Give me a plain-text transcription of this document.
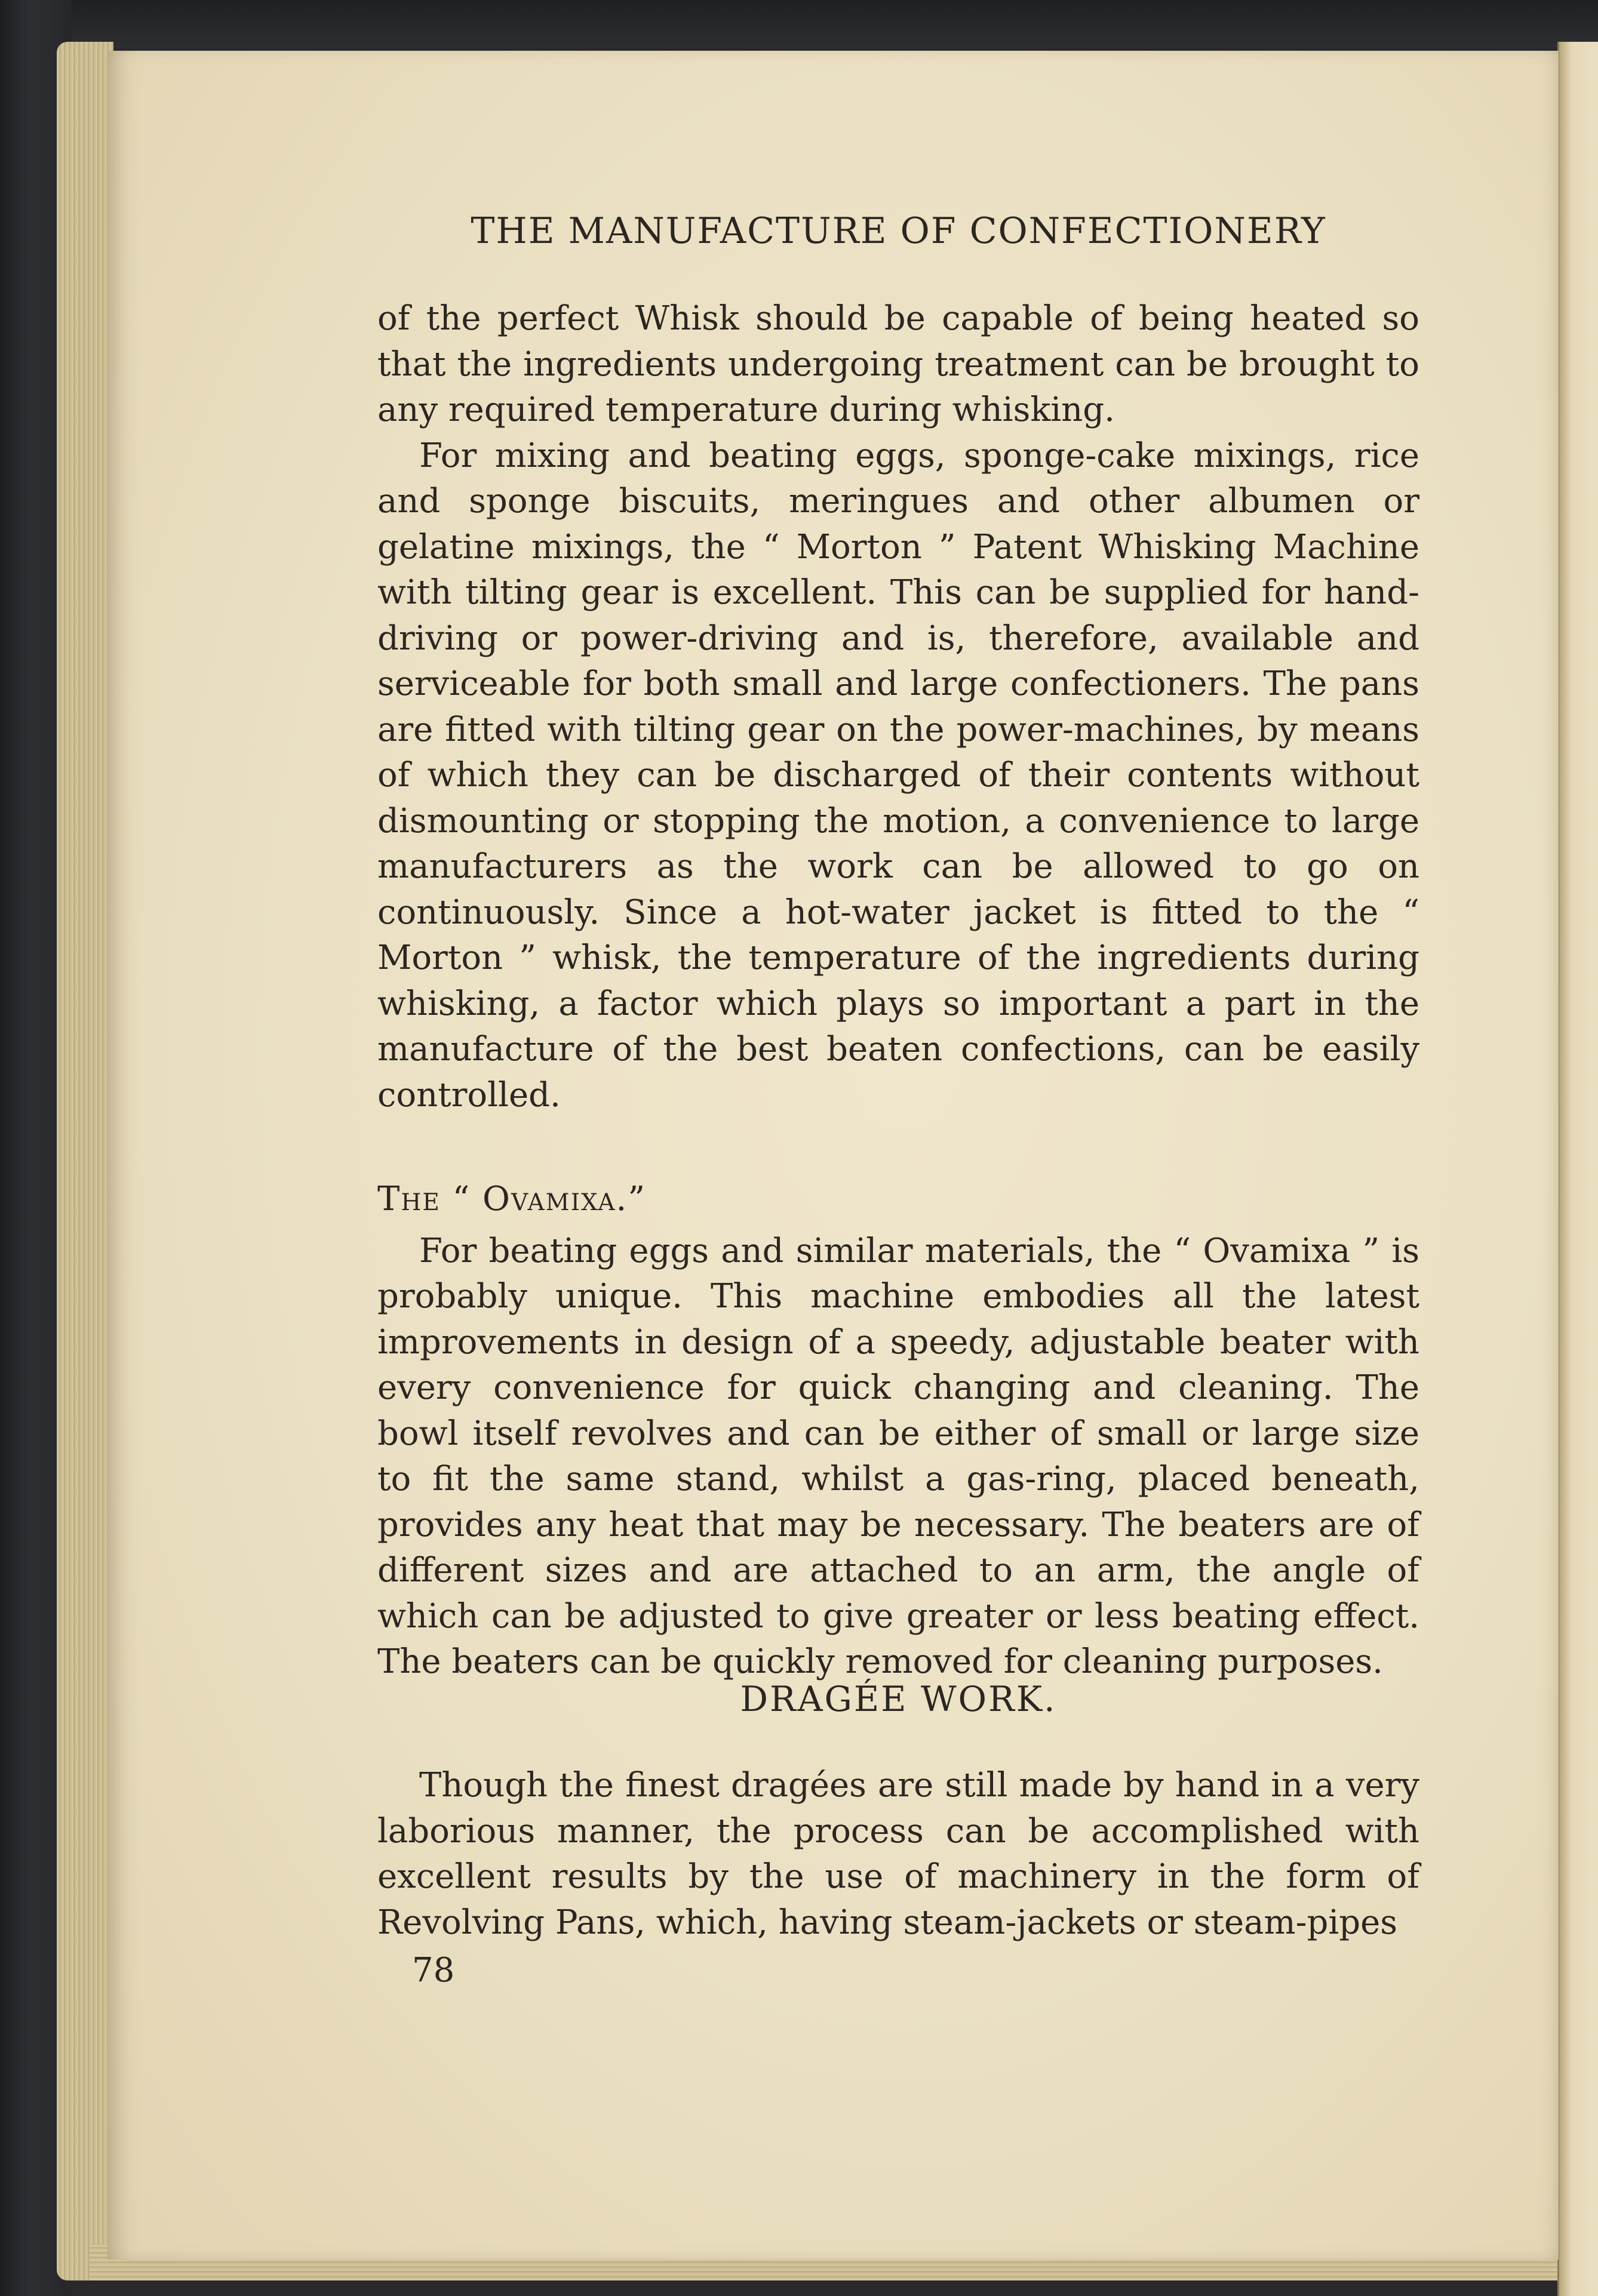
THE MANUFACTURE OF CONFECTIONERY

of the perfect Whisk should be capable of being heated so that the ingredients undergoing treatment can be brought to any required temperature during whisking.

For mixing and beating eggs, sponge-cake mixings, rice and sponge biscuits, meringues and other albumen or gelatine mixings, the “ Morton ” Patent Whisking Machine with tilting gear is excellent. This can be supplied for hand-driving or power-driving and is, therefore, available and serviceable for both small and large confectioners. The pans are fitted with tilting gear on the power-machines, by means of which they can be discharged of their contents without dismounting or stopping the motion, a convenience to large manufacturers as the work can be allowed to go on continuously. Since a hot-water jacket is fitted to the “ Morton ” whisk, the temperature of the ingredients during whisking, a factor which plays so important a part in the manufacture of the best beaten confections, can be easily controlled.

The “ Ovamixa.”

For beating eggs and similar materials, the “ Ovamixa ” is probably unique. This machine embodies all the latest improvements in design of a speedy, adjustable beater with every convenience for quick changing and cleaning. The bowl itself revolves and can be either of small or large size to fit the same stand, whilst a gas-ring, placed beneath, provides any heat that may be necessary. The beaters are of different sizes and are attached to an arm, the angle of which can be adjusted to give greater or less beating effect. The beaters can be quickly removed for cleaning purposes.

DRAGÉE WORK.

Though the finest dragées are still made by hand in a very laborious manner, the process can be accomplished with excellent results by the use of machinery in the form of Revolving Pans, which, having steam-jackets or steam-pipes

78
